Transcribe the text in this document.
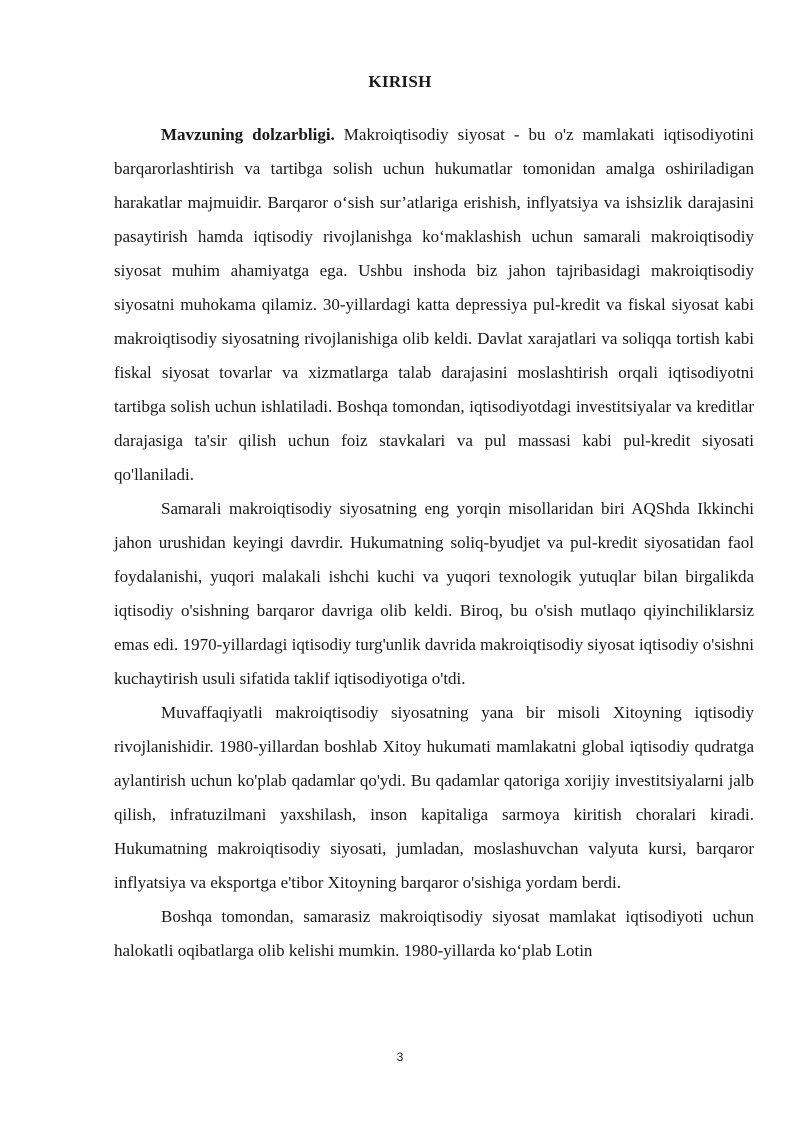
KIRISH

Mavzuning dolzarbligi. Makroiqtisodiy siyosat - bu o'z mamlakati iqtisodiyotini barqarorlashtirish va tartibga solish uchun hukumatlar tomonidan amalga oshiriladigan harakatlar majmuidir. Barqaror o‘sish sur’atlariga erishish, inflyatsiya va ishsizlik darajasini pasaytirish hamda iqtisodiy rivojlanishga ko‘maklashish uchun samarali makroiqtisodiy siyosat muhim ahamiyatga ega. Ushbu inshoda biz jahon tajribasidagi makroiqtisodiy siyosatni muhokama qilamiz. 30-yillardagi katta depressiya pul-kredit va fiskal siyosat kabi makroiqtisodiy siyosatning rivojlanishiga olib keldi. Davlat xarajatlari va soliqqa tortish kabi fiskal siyosat tovarlar va xizmatlarga talab darajasini moslashtirish orqali iqtisodiyotni tartibga solish uchun ishlatiladi. Boshqa tomondan, iqtisodiyotdagi investitsiyalar va kreditlar darajasiga ta'sir qilish uchun foiz stavkalari va pul massasi kabi pul-kredit siyosati qo'llaniladi.

Samarali makroiqtisodiy siyosatning eng yorqin misollaridan biri AQShda Ikkinchi jahon urushidan keyingi davrdir. Hukumatning soliq-byudjet va pul-kredit siyosatidan faol foydalanishi, yuqori malakali ishchi kuchi va yuqori texnologik yutuqlar bilan birgalikda iqtisodiy o'sishning barqaror davriga olib keldi. Biroq, bu o'sish mutlaqo qiyinchiliklarsiz emas edi. 1970-yillardagi iqtisodiy turg'unlik davrida makroiqtisodiy siyosat iqtisodiy o'sishni kuchaytirish usuli sifatida taklif iqtisodiyotiga o'tdi.

Muvaffaqiyatli makroiqtisodiy siyosatning yana bir misoli Xitoyning iqtisodiy rivojlanishidir. 1980-yillardan boshlab Xitoy hukumati mamlakatni global iqtisodiy qudratga aylantirish uchun ko'plab qadamlar qo'ydi. Bu qadamlar qatoriga xorijiy investitsiyalarni jalb qilish, infratuzilmani yaxshilash, inson kapitaliga sarmoya kiritish choralari kiradi. Hukumatning makroiqtisodiy siyosati, jumladan, moslashuvchan valyuta kursi, barqaror inflyatsiya va eksportga e'tibor Xitoyning barqaror o'sishiga yordam berdi.

Boshqa tomondan, samarasiz makroiqtisodiy siyosat mamlakat iqtisodiyoti uchun halokatli oqibatlarga olib kelishi mumkin. 1980-yillarda ko‘plab Lotin

3
